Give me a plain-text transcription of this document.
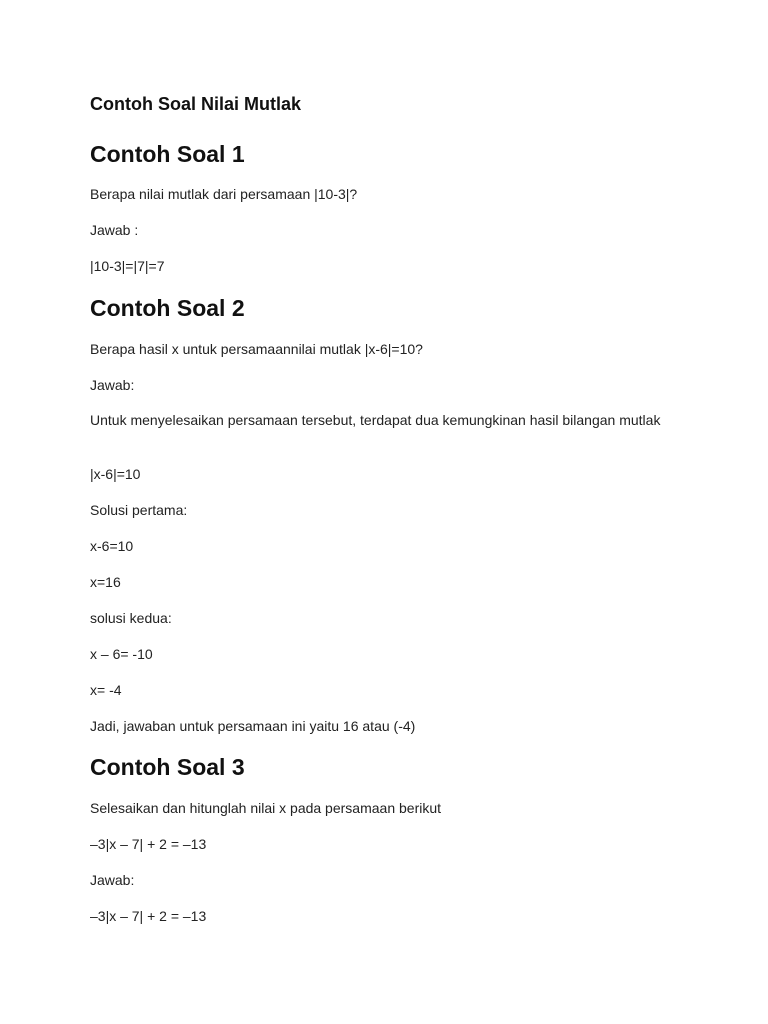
Contoh Soal Nilai Mutlak
Contoh Soal 1
Berapa nilai mutlak dari persamaan |10-3|?
Jawab :
|10-3|=|7|=7
Contoh Soal 2
Berapa hasil x untuk persamaannilai mutlak |x-6|=10?
Jawab:
Untuk menyelesaikan persamaan tersebut, terdapat dua kemungkinan hasil bilangan mutlak
|x-6|=10
Solusi pertama:
x-6=10
x=16
solusi kedua:
x – 6= -10
x= -4
Jadi, jawaban untuk persamaan ini yaitu 16 atau (-4)
Contoh Soal 3
Selesaikan dan hitunglah nilai x pada persamaan berikut
–3|x – 7| + 2 = –13
Jawab:
–3|x – 7| + 2 = –13
